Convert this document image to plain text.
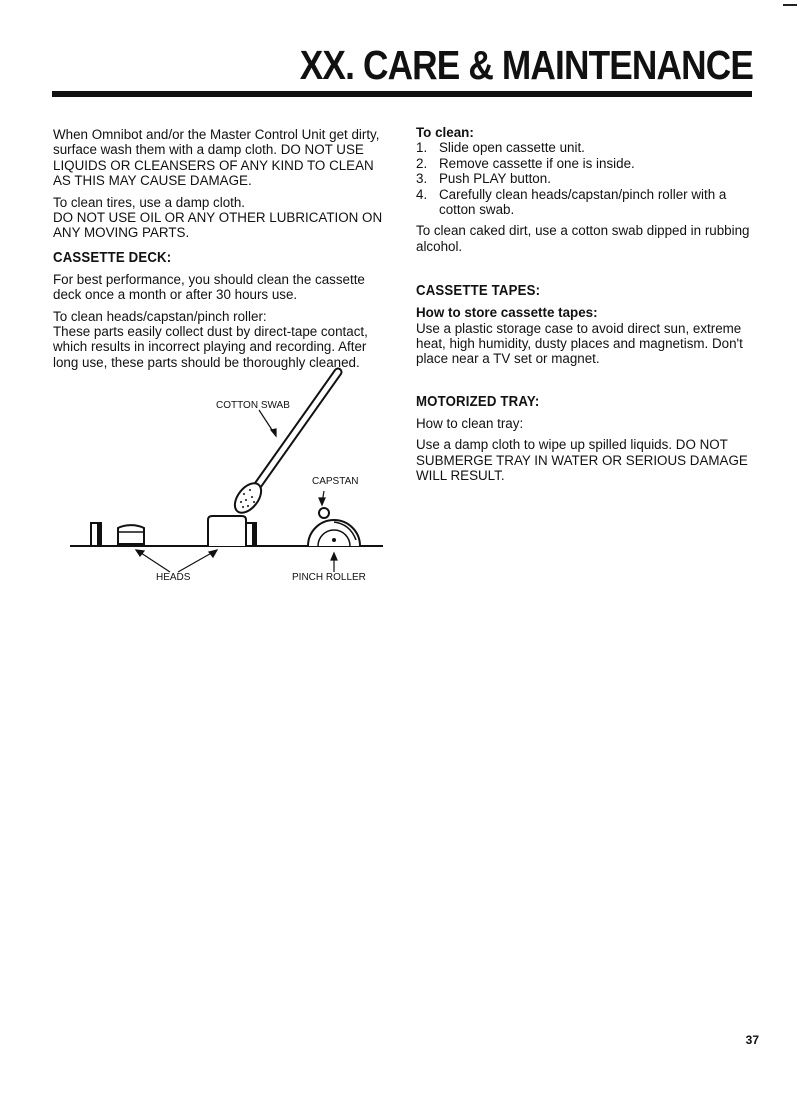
XX. CARE & MAINTENANCE

When Omnibot and/or the Master Control Unit get dirty, surface wash them with a damp cloth. DO NOT USE LIQUIDS OR CLEANSERS OF ANY KIND TO CLEAN AS THIS MAY CAUSE DAMAGE.

To clean tires, use a damp cloth.
DO NOT USE OIL OR ANY OTHER LUBRICATION ON ANY MOVING PARTS.

CASSETTE DECK:

For best performance, you should clean the cassette deck once a month or after 30 hours use.

To clean heads/capstan/pinch roller:
These parts easily collect dust by direct-tape contact, which results in incorrect playing and recording. After long use, these parts should be thoroughly cleaned.

COTTON SWAB
CAPSTAN
HEADS	PINCH ROLLER

To clean:

1. Slide open cassette unit.
2. Remove cassette if one is inside.
3. Push PLAY button.
4. Carefully clean heads/capstan/pinch roller with a cotton swab.

To clean caked dirt, use a cotton swab dipped in rubbing alcohol.

CASSETTE TAPES:

How to store cassette tapes:

Use a plastic storage case to avoid direct sun, extreme heat, high humidity, dusty places and magnetism. Don't place near a TV set or magnet.

MOTORIZED TRAY:

How to clean tray:

Use a damp cloth to wipe up spilled liquids. DO NOT SUBMERGE TRAY IN WATER OR SERIOUS DAMAGE WILL RESULT.

37
